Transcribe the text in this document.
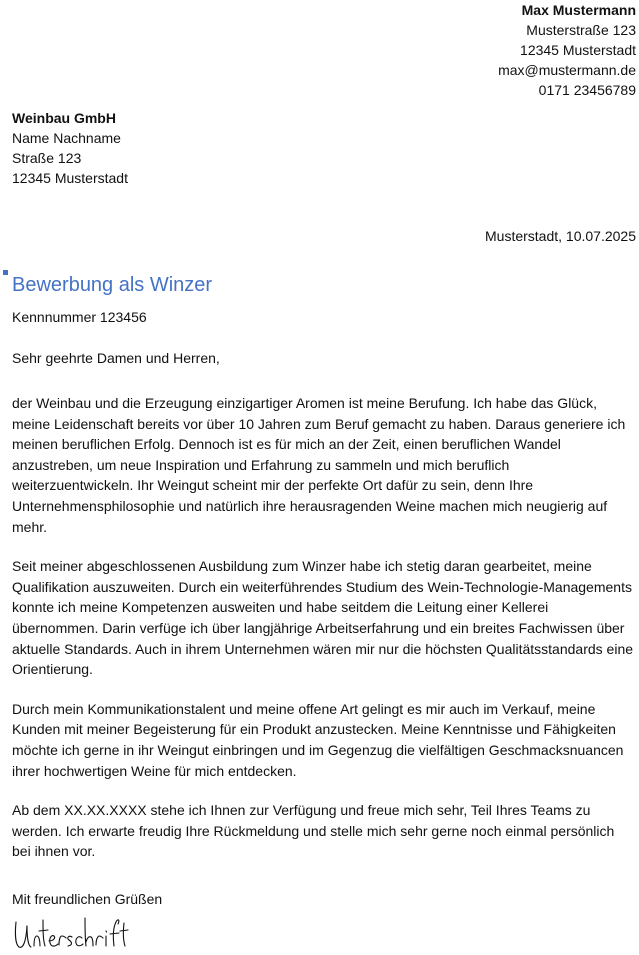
Max Mustermann
Musterstraße 123
12345 Musterstadt
max@mustermann.de
0171 23456789
Weinbau GmbH
Name Nachname
Straße 123
12345 Musterstadt
Musterstadt, 10.07.2025
Bewerbung als Winzer
Kennnummer 123456
Sehr geehrte Damen und Herren,

der Weinbau und die Erzeugung einzigartiger Aromen ist meine Berufung. Ich habe das Glück, meine Leidenschaft bereits vor über 10 Jahren zum Beruf gemacht zu haben. Daraus generiere ich meinen beruflichen Erfolg. Dennoch ist es für mich an der Zeit, einen beruflichen Wandel anzustreben, um neue Inspiration und Erfahrung zu sammeln und mich beruflich weiterzuentwickeln. Ihr Weingut scheint mir der perfekte Ort dafür zu sein, denn Ihre Unternehmensphilosophie und natürlich ihre herausragenden Weine machen mich neugierig auf mehr.

Seit meiner abgeschlossenen Ausbildung zum Winzer habe ich stetig daran gearbeitet, meine Qualifikation auszuweiten. Durch ein weiterführendes Studium des Wein-Technologie-Managements konnte ich meine Kompetenzen ausweiten und habe seitdem die Leitung einer Kellerei übernommen. Darin verfüge ich über langjährige Arbeitserfahrung und ein breites Fachwissen über aktuelle Standards. Auch in ihrem Unternehmen wären mir nur die höchsten Qualitätsstandards eine Orientierung.

Durch mein Kommunikationstalent und meine offene Art gelingt es mir auch im Verkauf, meine Kunden mit meiner Begeisterung für ein Produkt anzustecken. Meine Kenntnisse und Fähigkeiten möchte ich gerne in ihr Weingut einbringen und im Gegenzug die vielfältigen Geschmacksnuancen ihrer hochwertigen Weine für mich entdecken.

Ab dem XX.XX.XXXX stehe ich Ihnen zur Verfügung und freue mich sehr, Teil Ihres Teams zu werden. Ich erwarte freudig Ihre Rückmeldung und stelle mich sehr gerne noch einmal persönlich bei ihnen vor.

Mit freundlichen Grüßen
